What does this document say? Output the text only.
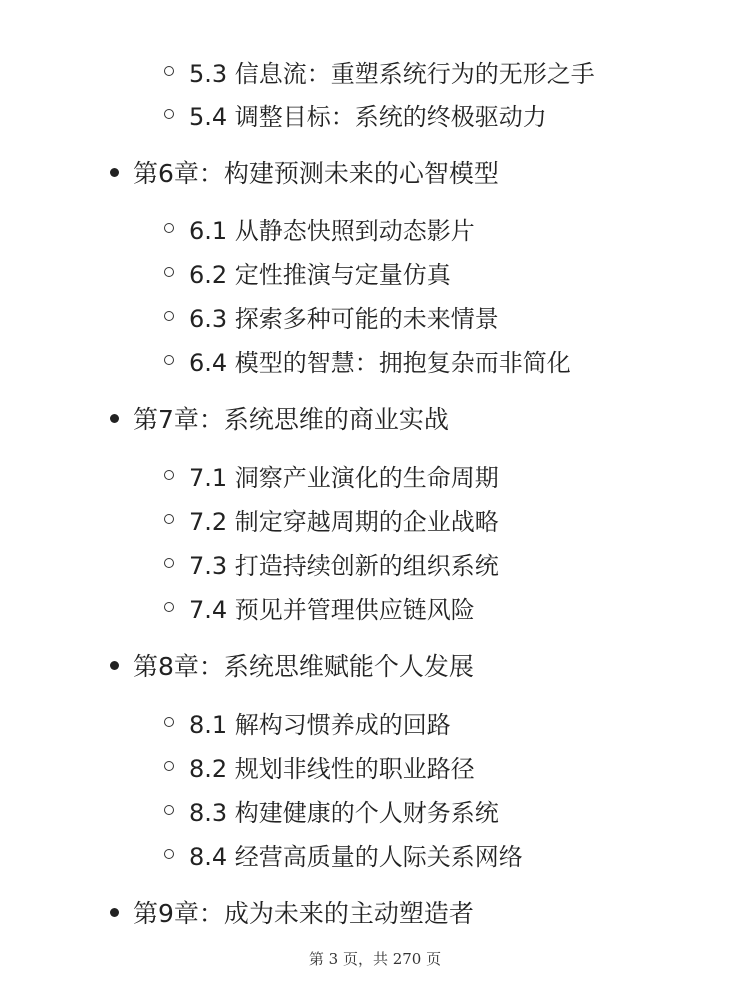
5.3 信息流：重塑系统行为的无形之手
5.4 调整目标：系统的终极驱动力
第6章：构建预测未来的心智模型
6.1 从静态快照到动态影片
6.2 定性推演与定量仿真
6.3 探索多种可能的未来情景
6.4 模型的智慧：拥抱复杂而非简化
第7章：系统思维的商业实战
7.1 洞察产业演化的生命周期
7.2 制定穿越周期的企业战略
7.3 打造持续创新的组织系统
7.4 预见并管理供应链风险
第8章：系统思维赋能个人发展
8.1 解构习惯养成的回路
8.2 规划非线性的职业路径
8.3 构建健康的个人财务系统
8.4 经营高质量的人际关系网络
第9章：成为未来的主动塑造者
第 3 页，共 270 页
